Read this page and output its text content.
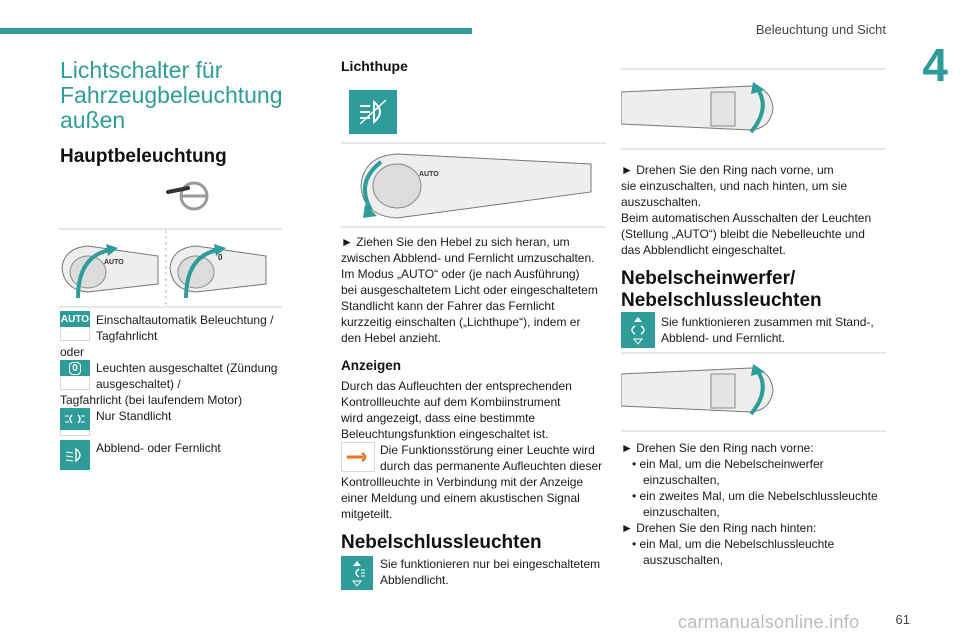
Beleuchtung und Sicht
4
Lichtschalter für
Fahrzeugbeleuchtung
außen
Hauptbeleuchtung
AUTO
0
AUTO Einschaltautomatik Beleuchtung /
Tagfahrlicht
oder
0 Leuchten ausgeschaltet (Zündung
ausgeschaltet) /
Tagfahrlicht (bei laufendem Motor)
Nur Standlicht
Abblend- oder Fernlicht
Lichthupe
AUTO
► Ziehen Sie den Hebel zu sich heran, um
zwischen Abblend- und Fernlicht umzuschalten.
Im Modus „AUTO“ oder (je nach Ausführung)
bei ausgeschaltetem Licht oder eingeschaltetem
Standlicht kann der Fahrer das Fernlicht
kurzzeitig einschalten („Lichthupe“), indem er
den Hebel anzieht.
Anzeigen
Durch das Aufleuchten der entsprechenden
Kontrollleuchte auf dem Kombiinstrument
wird angezeigt, dass eine bestimmte
Beleuchtungsfunktion eingeschaltet ist.
Die Funktionsstörung einer Leuchte wird
durch das permanente Aufleuchten dieser
Kontrollleuchte in Verbindung mit der Anzeige
einer Meldung und einem akustischen Signal
mitgeteilt.
Nebelschlussleuchten
Sie funktionieren nur bei eingeschaltetem
Abblendlicht.
► Drehen Sie den Ring nach vorne, um
sie einzuschalten, und nach hinten, um sie
auszuschalten.
Beim automatischen Ausschalten der Leuchten
(Stellung „AUTO“) bleibt die Nebelleuchte und
das Abblendlicht eingeschaltet.
Nebelscheinwerfer/
Nebelschlussleuchten
Sie funktionieren zusammen mit Stand-,
Abblend- und Fernlicht.
► Drehen Sie den Ring nach vorne:
• ein Mal, um die Nebelscheinwerfer
einzuschalten,
• ein zweites Mal, um die Nebelschlussleuchte
einzuschalten,
► Drehen Sie den Ring nach hinten:
• ein Mal, um die Nebelschlussleuchte
auszuschalten,
carmanualsonline.info	61
